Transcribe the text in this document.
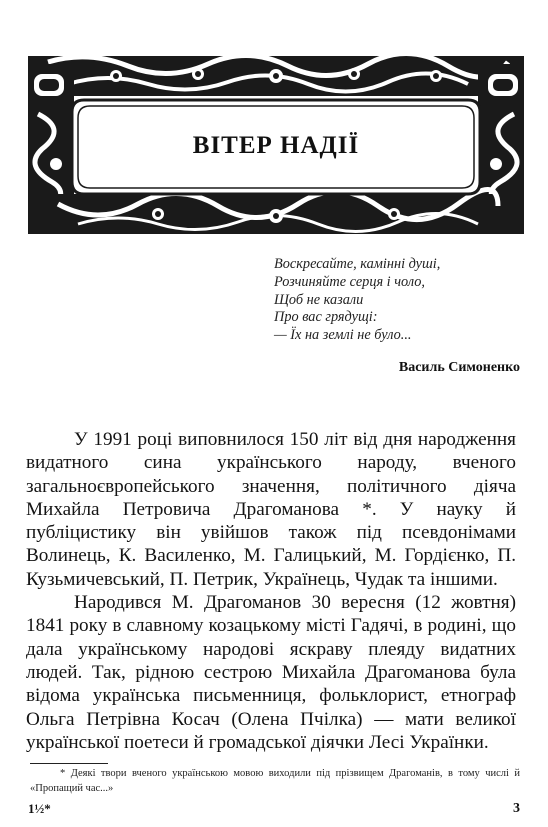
ВІТЕР НАДІЇ
Воскресайте, камінні душі,
Розчиняйте серця і чоло,
Щоб не казали
Про вас грядущі:
— Їх на землі не було...
Василь Симоненко

У 1991 році виповнилося 150 літ від дня народження видатного сина українського народу, вченого загальноєвропейського значення, політичного діяча Михайла Петровича Драгоманова *. У науку й публіцистику він увійшов також під псевдонімами Волинець, К. Василенко, М. Галицький, М. Гордієнко, П. Кузьмичевський, П. Петрик, Українець, Чудак та іншими.

Народився М. Драгоманов 30 вересня (12 жовтня) 1841 року в славному козацькому місті Гадячі, в родині, що дала українському народові яскраву плеяду видатних людей. Так, рідною сестрою Михайла Драгоманова була відома українська письменниця, фольклорист, етнограф Ольга Петрівна Косач (Олена Пчілка) — мати великої української поетеси й громадської діячки Лесі Українки.

* Деякі твори вченого українською мовою виходили під прізвищем Драгоманів, в тому числі й «Пропащий час...»
1½*	3
